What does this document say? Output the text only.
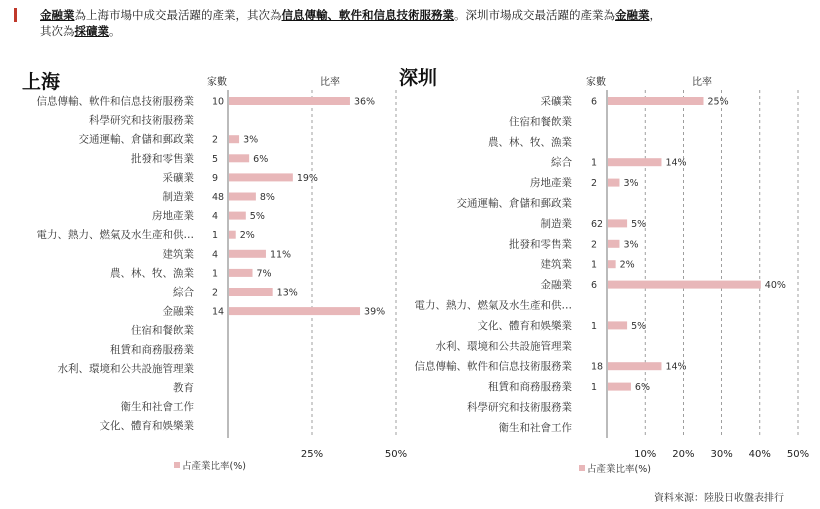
金融業為上海市場中成交最活躍的產業，其次為信息傳輸、軟件和信息技術服務業。深圳市場成交最活躍的產業為金融業，
其次為採礦業。
上海	家數	比率
信息傳輸、軟件和信息技術服務業 10	36%
科學研究和技術服務業
交通運輸、倉儲和郵政業 2	3%
批發和零售業 5	6%
采礦業 9	19%
制造業 48	8%
房地產業 4	5%
電力、熱力、燃氣及水生產和供… 1 2%
建筑業 4	11%
農、林、牧、漁業 1	7%
綜合 2	13%
金融業 14	39%
住宿和餐飲業
租賃和商務服務業
水利、環境和公共設施管理業
教育
衛生和社會工作
文化、體育和娛樂業
25%	50%
占產業比率(%)
深圳	家數	比率
采礦業 6	25%
住宿和餐飲業
農、林、牧、漁業
綜合 1	14%
房地產業 2	3%
交通運輸、倉儲和郵政業
制造業 62	5%
批發和零售業 2	3%
建筑業 1 2%
金融業 6	40%
電力、熱力、燃氣及水生產和供…
文化、體育和娛樂業 1	5%
水利、環境和公共設施管理業
信息傳輸、軟件和信息技術服務業 18	14%
租賃和商務服務業 1	6%
科學研究和技術服務業
衛生和社會工作
10% 20% 30% 40% 50%
占產業比率(%)
資料來源：陸股日收盤表排行
